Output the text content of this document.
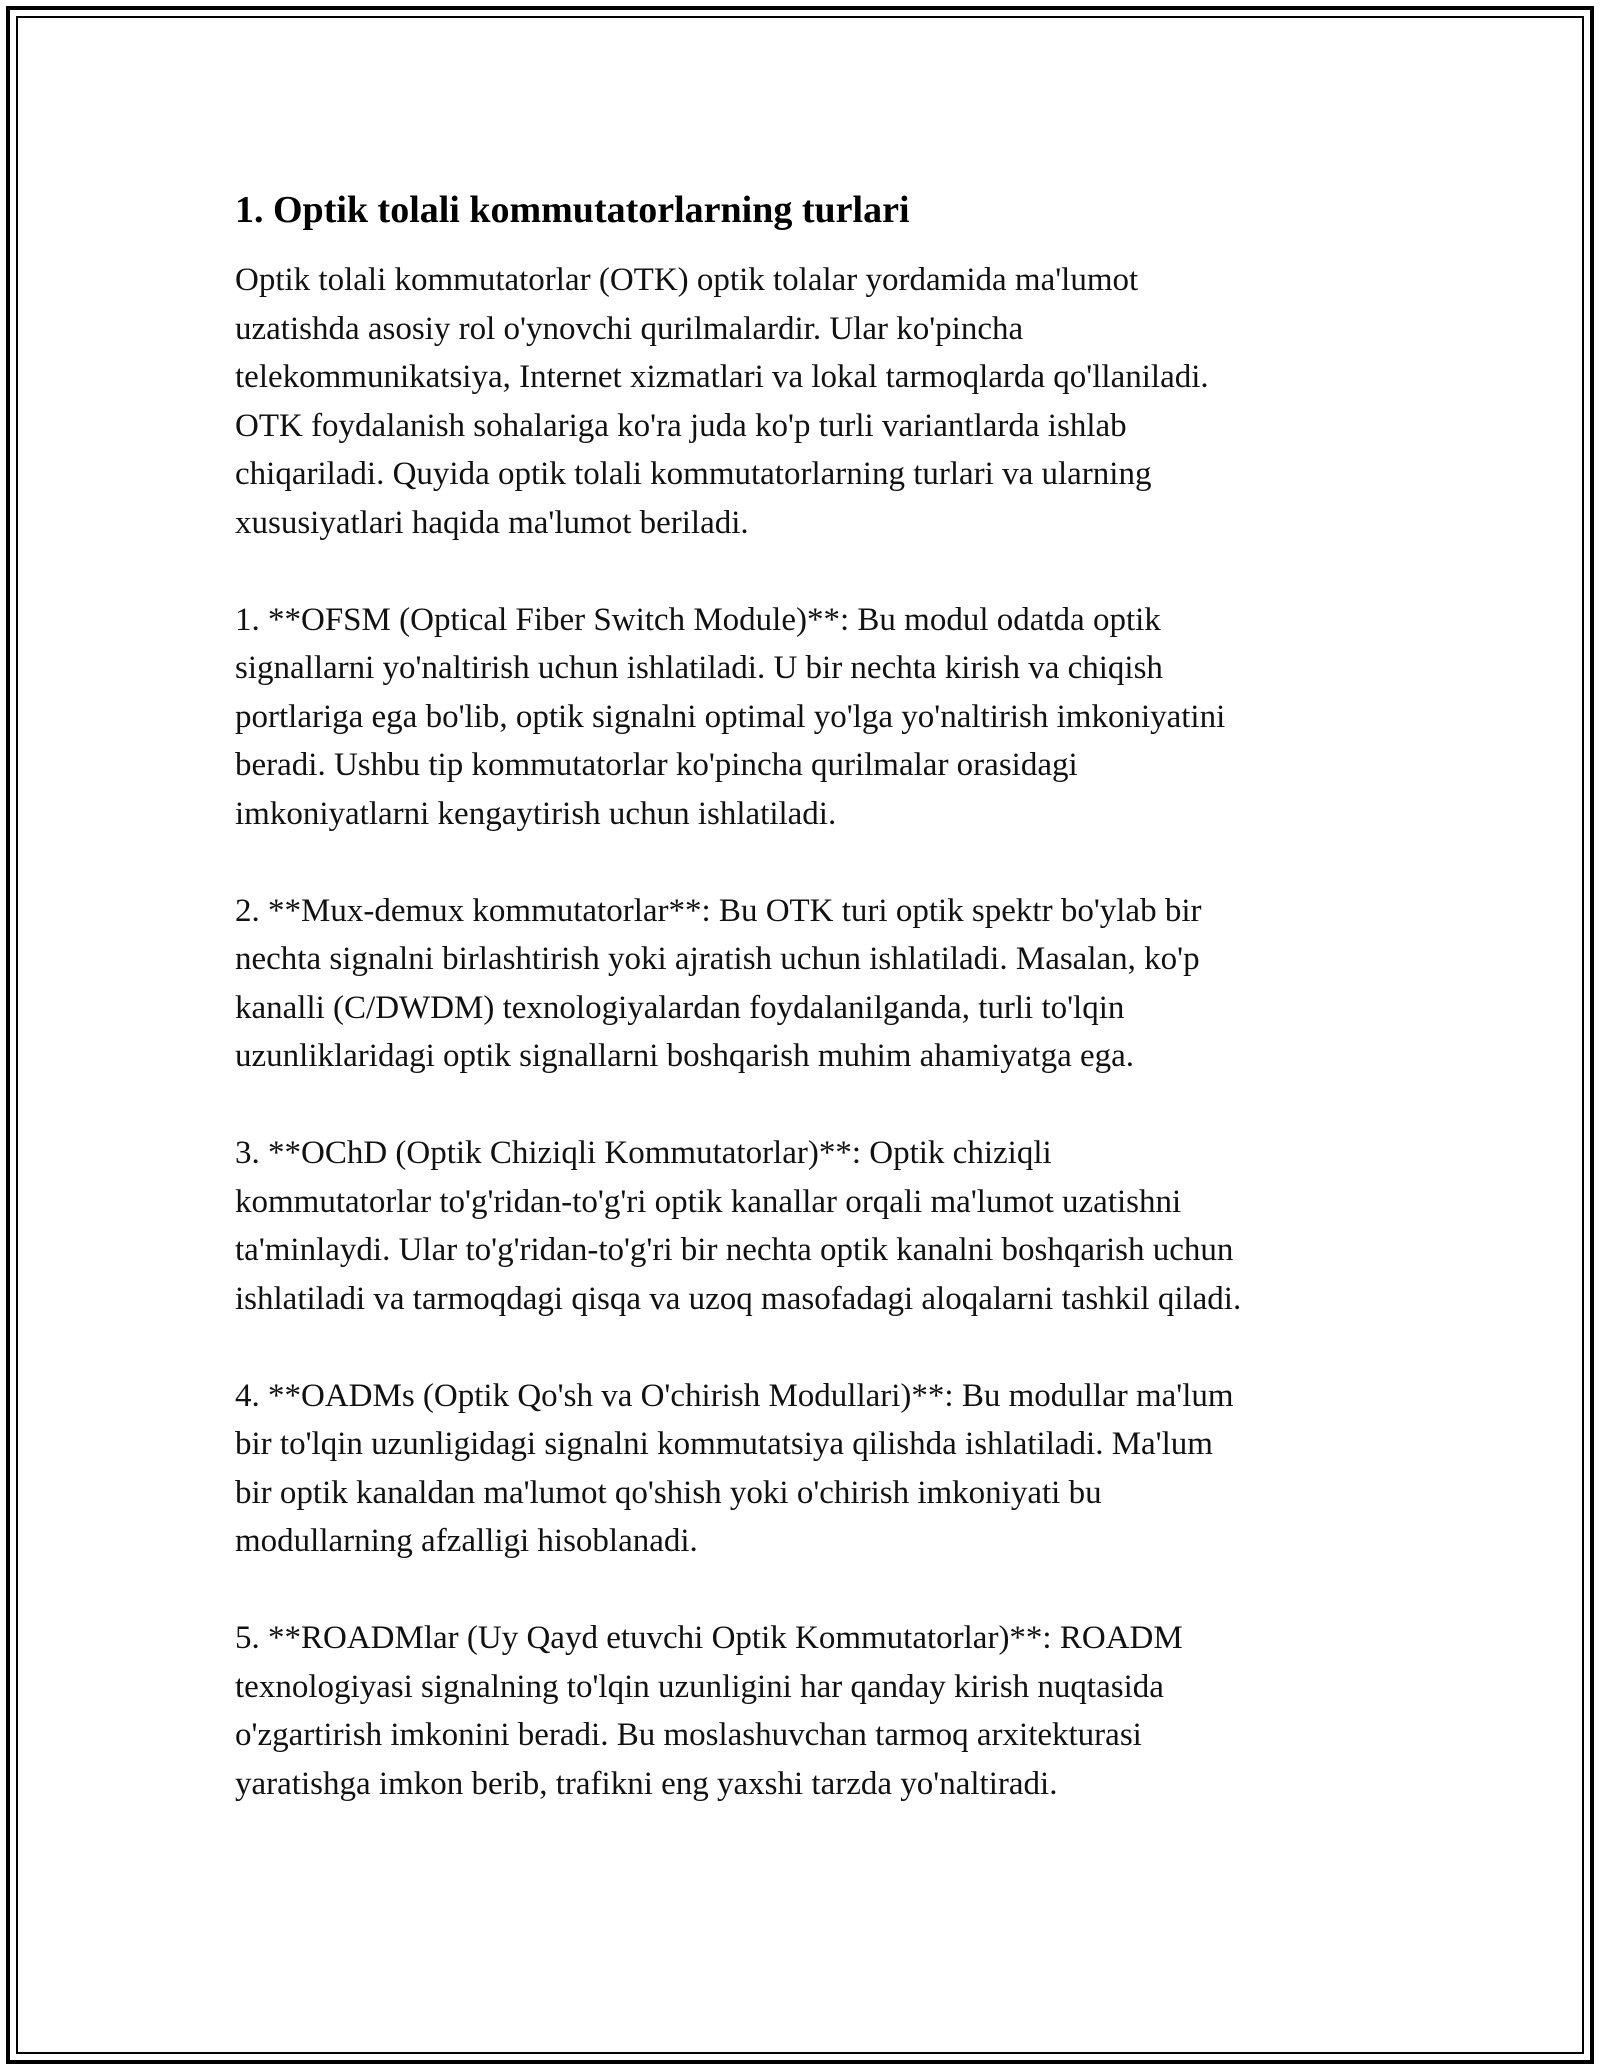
1. Optik tolali kommutatorlarning turlari

Optik tolali kommutatorlar (OTK) optik tolalar yordamida ma'lumot
uzatishda asosiy rol o'ynovchi qurilmalardir. Ular ko'pincha
telekommunikatsiya, Internet xizmatlari va lokal tarmoqlarda qo'llaniladi.
OTK foydalanish sohalariga ko'ra juda ko'p turli variantlarda ishlab
chiqariladi. Quyida optik tolali kommutatorlarning turlari va ularning
xususiyatlari haqida ma'lumot beriladi.

1. **OFSM (Optical Fiber Switch Module)**: Bu modul odatda optik
signallarni yo'naltirish uchun ishlatiladi. U bir nechta kirish va chiqish
portlariga ega bo'lib, optik signalni optimal yo'lga yo'naltirish imkoniyatini
beradi. Ushbu tip kommutatorlar ko'pincha qurilmalar orasidagi
imkoniyatlarni kengaytirish uchun ishlatiladi.

2. **Mux-demux kommutatorlar**: Bu OTK turi optik spektr bo'ylab bir
nechta signalni birlashtirish yoki ajratish uchun ishlatiladi. Masalan, ko'p
kanalli (C/DWDM) texnologiyalardan foydalanilganda, turli to'lqin
uzunliklaridagi optik signallarni boshqarish muhim ahamiyatga ega.

3. **OChD (Optik Chiziqli Kommutatorlar)**: Optik chiziqli
kommutatorlar to'g'ridan-to'g'ri optik kanallar orqali ma'lumot uzatishni
ta'minlaydi. Ular to'g'ridan-to'g'ri bir nechta optik kanalni boshqarish uchun
ishlatiladi va tarmoqdagi qisqa va uzoq masofadagi aloqalarni tashkil qiladi.

4. **OADMs (Optik Qo'sh va O'chirish Modullari)**: Bu modullar ma'lum
bir to'lqin uzunligidagi signalni kommutatsiya qilishda ishlatiladi. Ma'lum
bir optik kanaldan ma'lumot qo'shish yoki o'chirish imkoniyati bu
modullarning afzalligi hisoblanadi.

5. **ROADMlar (Uy Qayd etuvchi Optik Kommutatorlar)**: ROADM
texnologiyasi signalning to'lqin uzunligini har qanday kirish nuqtasida
o'zgartirish imkonini beradi. Bu moslashuvchan tarmoq arxitekturasi
yaratishga imkon berib, trafikni eng yaxshi tarzda yo'naltiradi.
